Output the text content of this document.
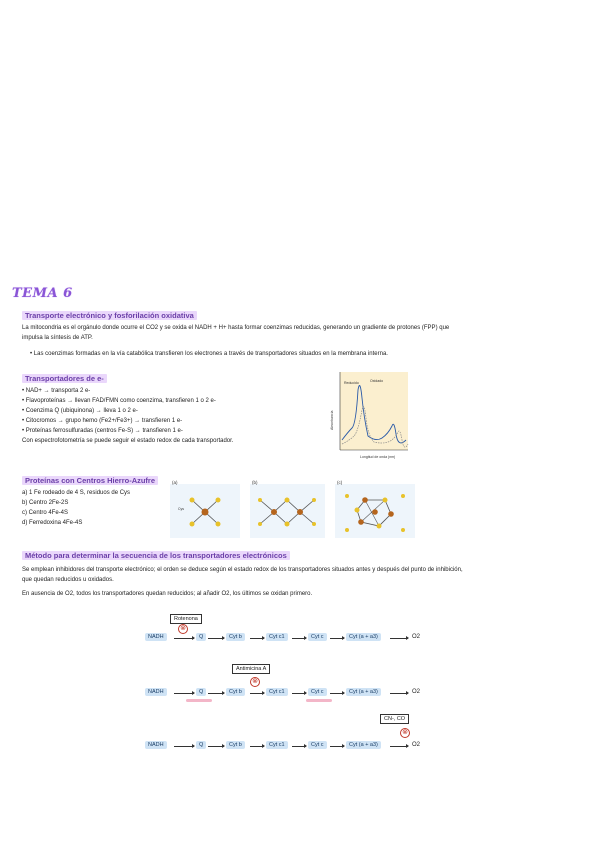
TEMA 6
Transporte electrónico y fosforilación oxidativa
La mitocondria es el orgánulo donde ocurre el CO2 y se oxida el NADH + H+ hasta formar coenzimas reducidas, generando un gradiente de protones (FPP) que
impulsa la síntesis de ATP.
• Las coenzimas formadas en la vía catabólica transfieren los electrones a través de transportadores situados en la membrana interna.
Transportadores de e-
• NAD+ → transporta 2 e-
• Flavoproteínas → llevan FAD/FMN como coenzima, transfieren 1 o 2 e-
• Coenzima Q (ubiquinona) → lleva 1 o 2 e-
• Citocromos → grupo hemo (Fe2+/Fe3+) → transfieren 1 e-
• Proteínas ferrosulfuradas (centros Fe-S) → transfieren 1 e-
Con espectrofotometría se puede seguir el estado redox de cada transportador.
Absorbancia
Longitud de onda (nm)
Reducido	Oxidado
Proteínas con Centros Hierro-Azufre
a) 1 Fe rodeado de 4 S, residuos de Cys
b) Centro 2Fe-2S
c) Centro 4Fe-4S
d) Ferredoxina 4Fe-4S
(a)
Cys
(b)	(c)
Método para determinar la secuencia de los transportadores electrónicos
Se emplean inhibidores del transporte electrónico; el orden se deduce según el estado redox de los transportadores situados antes y después del punto de inhibición,
que quedan reducidos u oxidados.
En ausencia de O2, todos los transportadores quedan reducidos; al añadir O2, los últimos se oxidan primero.
Rotenona
⊗
NADH	Q	Cyt b	Cyt c1	Cyt c	Cyt (a + a3)	O2
Antimicina A
⊗
NADH	Q	Cyt b	Cyt c1	Cyt c	Cyt (a + a3)	O2
CN-, CO
⊗
NADH	Q	Cyt b	Cyt c1	Cyt c	Cyt (a + a3)	O2
